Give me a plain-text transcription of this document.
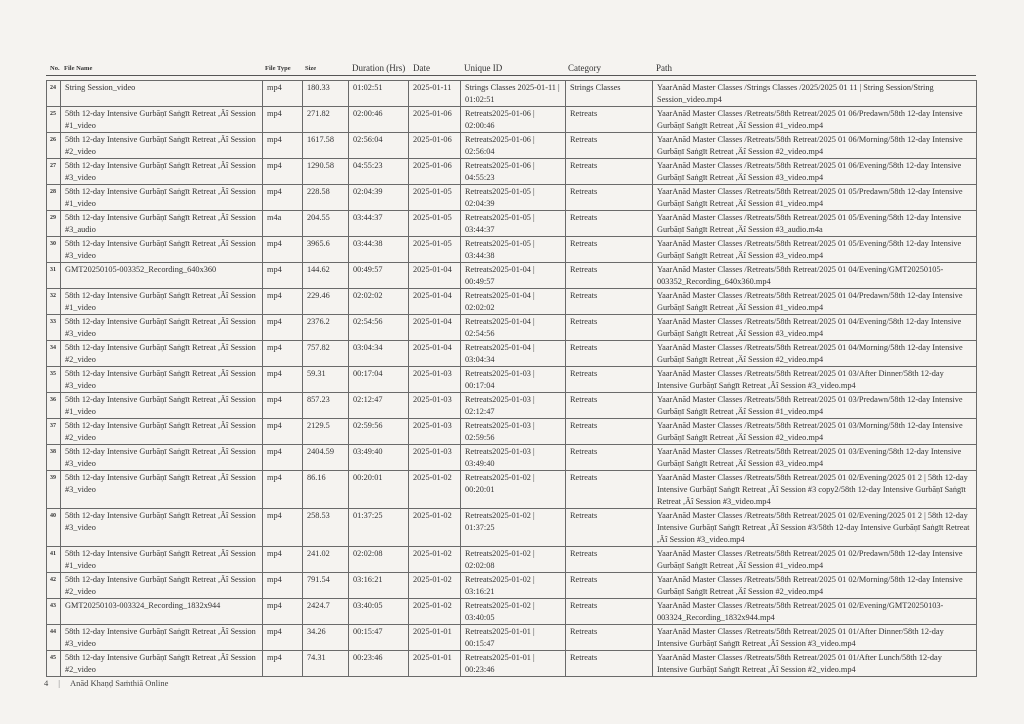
No. File Name	File Type Size	Duration (Hrs) Date	Unique ID	Category	Path
24	String Session_video	mp4	180.33	01:02:51	2025-01-11	Strings Classes 2025-01-11 | 01:02:51	Strings Classes	YaarAnād Master Classes /Strings Classes /2025/2025 01 11 | String Session/String Session_video.mp4
25	58th 12-day Intensive Gurbāṇī Saṅgīt Retreat ,Äî Session #1_video	mp4	271.82	02:00:46	2025-01-06	Retreats2025-01-06 | 02:00:46	Retreats	YaarAnād Master Classes /Retreats/58th Retreat/2025 01 06/Predawn/58th 12-day Intensive Gurbāṇī Saṅgīt Retreat ,Äî Session #1_video.mp4
26	58th 12-day Intensive Gurbāṇī Saṅgīt Retreat ,Äî Session #2_video	mp4	1617.58	02:56:04	2025-01-06	Retreats2025-01-06 | 02:56:04	Retreats	YaarAnād Master Classes /Retreats/58th Retreat/2025 01 06/Morning/58th 12-day Intensive Gurbāṇī Saṅgīt Retreat ,Äî Session #2_video.mp4
27	58th 12-day Intensive Gurbāṇī Saṅgīt Retreat ,Äî Session #3_video	mp4	1290.58	04:55:23	2025-01-06	Retreats2025-01-06 | 04:55:23	Retreats	YaarAnād Master Classes /Retreats/58th Retreat/2025 01 06/Evening/58th 12-day Intensive Gurbāṇī Saṅgīt Retreat ,Äî Session #3_video.mp4
28	58th 12-day Intensive Gurbāṇī Saṅgīt Retreat ,Äî Session #1_video	mp4	228.58	02:04:39	2025-01-05	Retreats2025-01-05 | 02:04:39	Retreats	YaarAnād Master Classes /Retreats/58th Retreat/2025 01 05/Predawn/58th 12-day Intensive Gurbāṇī Saṅgīt Retreat ,Äî Session #1_video.mp4
29	58th 12-day Intensive Gurbāṇī Saṅgīt Retreat ,Äî Session #3_audio	m4a	204.55	03:44:37	2025-01-05	Retreats2025-01-05 | 03:44:37	Retreats	YaarAnād Master Classes /Retreats/58th Retreat/2025 01 05/Evening/58th 12-day Intensive Gurbāṇī Saṅgīt Retreat ,Äî Session #3_audio.m4a
30	58th 12-day Intensive Gurbāṇī Saṅgīt Retreat ,Äî Session #3_video	mp4	3965.6	03:44:38	2025-01-05	Retreats2025-01-05 | 03:44:38	Retreats	YaarAnād Master Classes /Retreats/58th Retreat/2025 01 05/Evening/58th 12-day Intensive Gurbāṇī Saṅgīt Retreat ,Äî Session #3_video.mp4
31	GMT20250105-003352_Recording_640x360	mp4	144.62	00:49:57	2025-01-04	Retreats2025-01-04 | 00:49:57	Retreats	YaarAnād Master Classes /Retreats/58th Retreat/2025 01 04/Evening/GMT20250105-003352_Recording_640x360.mp4
32	58th 12-day Intensive Gurbāṇī Saṅgīt Retreat ,Äî Session #1_video	mp4	229.46	02:02:02	2025-01-04	Retreats2025-01-04 | 02:02:02	Retreats	YaarAnād Master Classes /Retreats/58th Retreat/2025 01 04/Predawn/58th 12-day Intensive Gurbāṇī Saṅgīt Retreat ,Äî Session #1_video.mp4
33	58th 12-day Intensive Gurbāṇī Saṅgīt Retreat ,Äî Session #3_video	mp4	2376.2	02:54:56	2025-01-04	Retreats2025-01-04 | 02:54:56	Retreats	YaarAnād Master Classes /Retreats/58th Retreat/2025 01 04/Evening/58th 12-day Intensive Gurbāṇī Saṅgīt Retreat ,Äî Session #3_video.mp4
34	58th 12-day Intensive Gurbāṇī Saṅgīt Retreat ,Äî Session #2_video	mp4	757.82	03:04:34	2025-01-04	Retreats2025-01-04 | 03:04:34	Retreats	YaarAnād Master Classes /Retreats/58th Retreat/2025 01 04/Morning/58th 12-day Intensive Gurbāṇī Saṅgīt Retreat ,Äî Session #2_video.mp4
35	58th 12-day Intensive Gurbāṇī Saṅgīt Retreat ,Äî Session #3_video	mp4	59.31	00:17:04	2025-01-03	Retreats2025-01-03 | 00:17:04	Retreats	YaarAnād Master Classes /Retreats/58th Retreat/2025 01 03/After Dinner/58th 12-day Intensive Gurbāṇī Saṅgīt Retreat ,Äî Session #3_video.mp4
36	58th 12-day Intensive Gurbāṇī Saṅgīt Retreat ,Äî Session #1_video	mp4	857.23	02:12:47	2025-01-03	Retreats2025-01-03 | 02:12:47	Retreats	YaarAnād Master Classes /Retreats/58th Retreat/2025 01 03/Predawn/58th 12-day Intensive Gurbāṇī Saṅgīt Retreat ,Äî Session #1_video.mp4
37	58th 12-day Intensive Gurbāṇī Saṅgīt Retreat ,Äî Session #2_video	mp4	2129.5	02:59:56	2025-01-03	Retreats2025-01-03 | 02:59:56	Retreats	YaarAnād Master Classes /Retreats/58th Retreat/2025 01 03/Morning/58th 12-day Intensive Gurbāṇī Saṅgīt Retreat ,Äî Session #2_video.mp4
38	58th 12-day Intensive Gurbāṇī Saṅgīt Retreat ,Äî Session #3_video	mp4	2404.59	03:49:40	2025-01-03	Retreats2025-01-03 | 03:49:40	Retreats	YaarAnād Master Classes /Retreats/58th Retreat/2025 01 03/Evening/58th 12-day Intensive Gurbāṇī Saṅgīt Retreat ,Äî Session #3_video.mp4
39	58th 12-day Intensive Gurbāṇī Saṅgīt Retreat ,Äî Session #3_video	mp4	86.16	00:20:01	2025-01-02	Retreats2025-01-02 | 00:20:01	Retreats	YaarAnād Master Classes /Retreats/58th Retreat/2025 01 02/Evening/2025 01 2 | 58th 12-day Intensive Gurbāṇī Saṅgīt Retreat ,Äî Session #3 copy2/58th 12-day Intensive Gurbāṇī Saṅgīt Retreat ,Äî Session #3_video.mp4
40	58th 12-day Intensive Gurbāṇī Saṅgīt Retreat ,Äî Session #3_video	mp4	258.53	01:37:25	2025-01-02	Retreats2025-01-02 | 01:37:25	Retreats	YaarAnād Master Classes /Retreats/58th Retreat/2025 01 02/Evening/2025 01 2 | 58th 12-day Intensive Gurbāṇī Saṅgīt Retreat ,Äî Session #3/58th 12-day Intensive Gurbāṇī Saṅgīt Retreat ,Äî Session #3_video.mp4
41	58th 12-day Intensive Gurbāṇī Saṅgīt Retreat ,Äî Session #1_video	mp4	241.02	02:02:08	2025-01-02	Retreats2025-01-02 | 02:02:08	Retreats	YaarAnād Master Classes /Retreats/58th Retreat/2025 01 02/Predawn/58th 12-day Intensive Gurbāṇī Saṅgīt Retreat ,Äî Session #1_video.mp4
42	58th 12-day Intensive Gurbāṇī Saṅgīt Retreat ,Äî Session #2_video	mp4	791.54	03:16:21	2025-01-02	Retreats2025-01-02 | 03:16:21	Retreats	YaarAnād Master Classes /Retreats/58th Retreat/2025 01 02/Morning/58th 12-day Intensive Gurbāṇī Saṅgīt Retreat ,Äî Session #2_video.mp4
43	GMT20250103-003324_Recording_1832x944	mp4	2424.7	03:40:05	2025-01-02	Retreats2025-01-02 | 03:40:05	Retreats	YaarAnād Master Classes /Retreats/58th Retreat/2025 01 02/Evening/GMT20250103-003324_Recording_1832x944.mp4
44	58th 12-day Intensive Gurbāṇī Saṅgīt Retreat ,Äî Session #3_video	mp4	34.26	00:15:47	2025-01-01	Retreats2025-01-01 | 00:15:47	Retreats	YaarAnād Master Classes /Retreats/58th Retreat/2025 01 01/After Dinner/58th 12-day Intensive Gurbāṇī Saṅgīt Retreat ,Äî Session #3_video.mp4
45	58th 12-day Intensive Gurbāṇī Saṅgīt Retreat ,Äî Session #2_video	mp4	74.31	00:23:46	2025-01-01	Retreats2025-01-01 | 00:23:46	Retreats	YaarAnād Master Classes /Retreats/58th Retreat/2025 01 01/After Lunch/58th 12-day Intensive Gurbāṇī Saṅgīt Retreat ,Äî Session #2_video.mp4
4 | Anād Khaṇḍ Saṁthiā Online
